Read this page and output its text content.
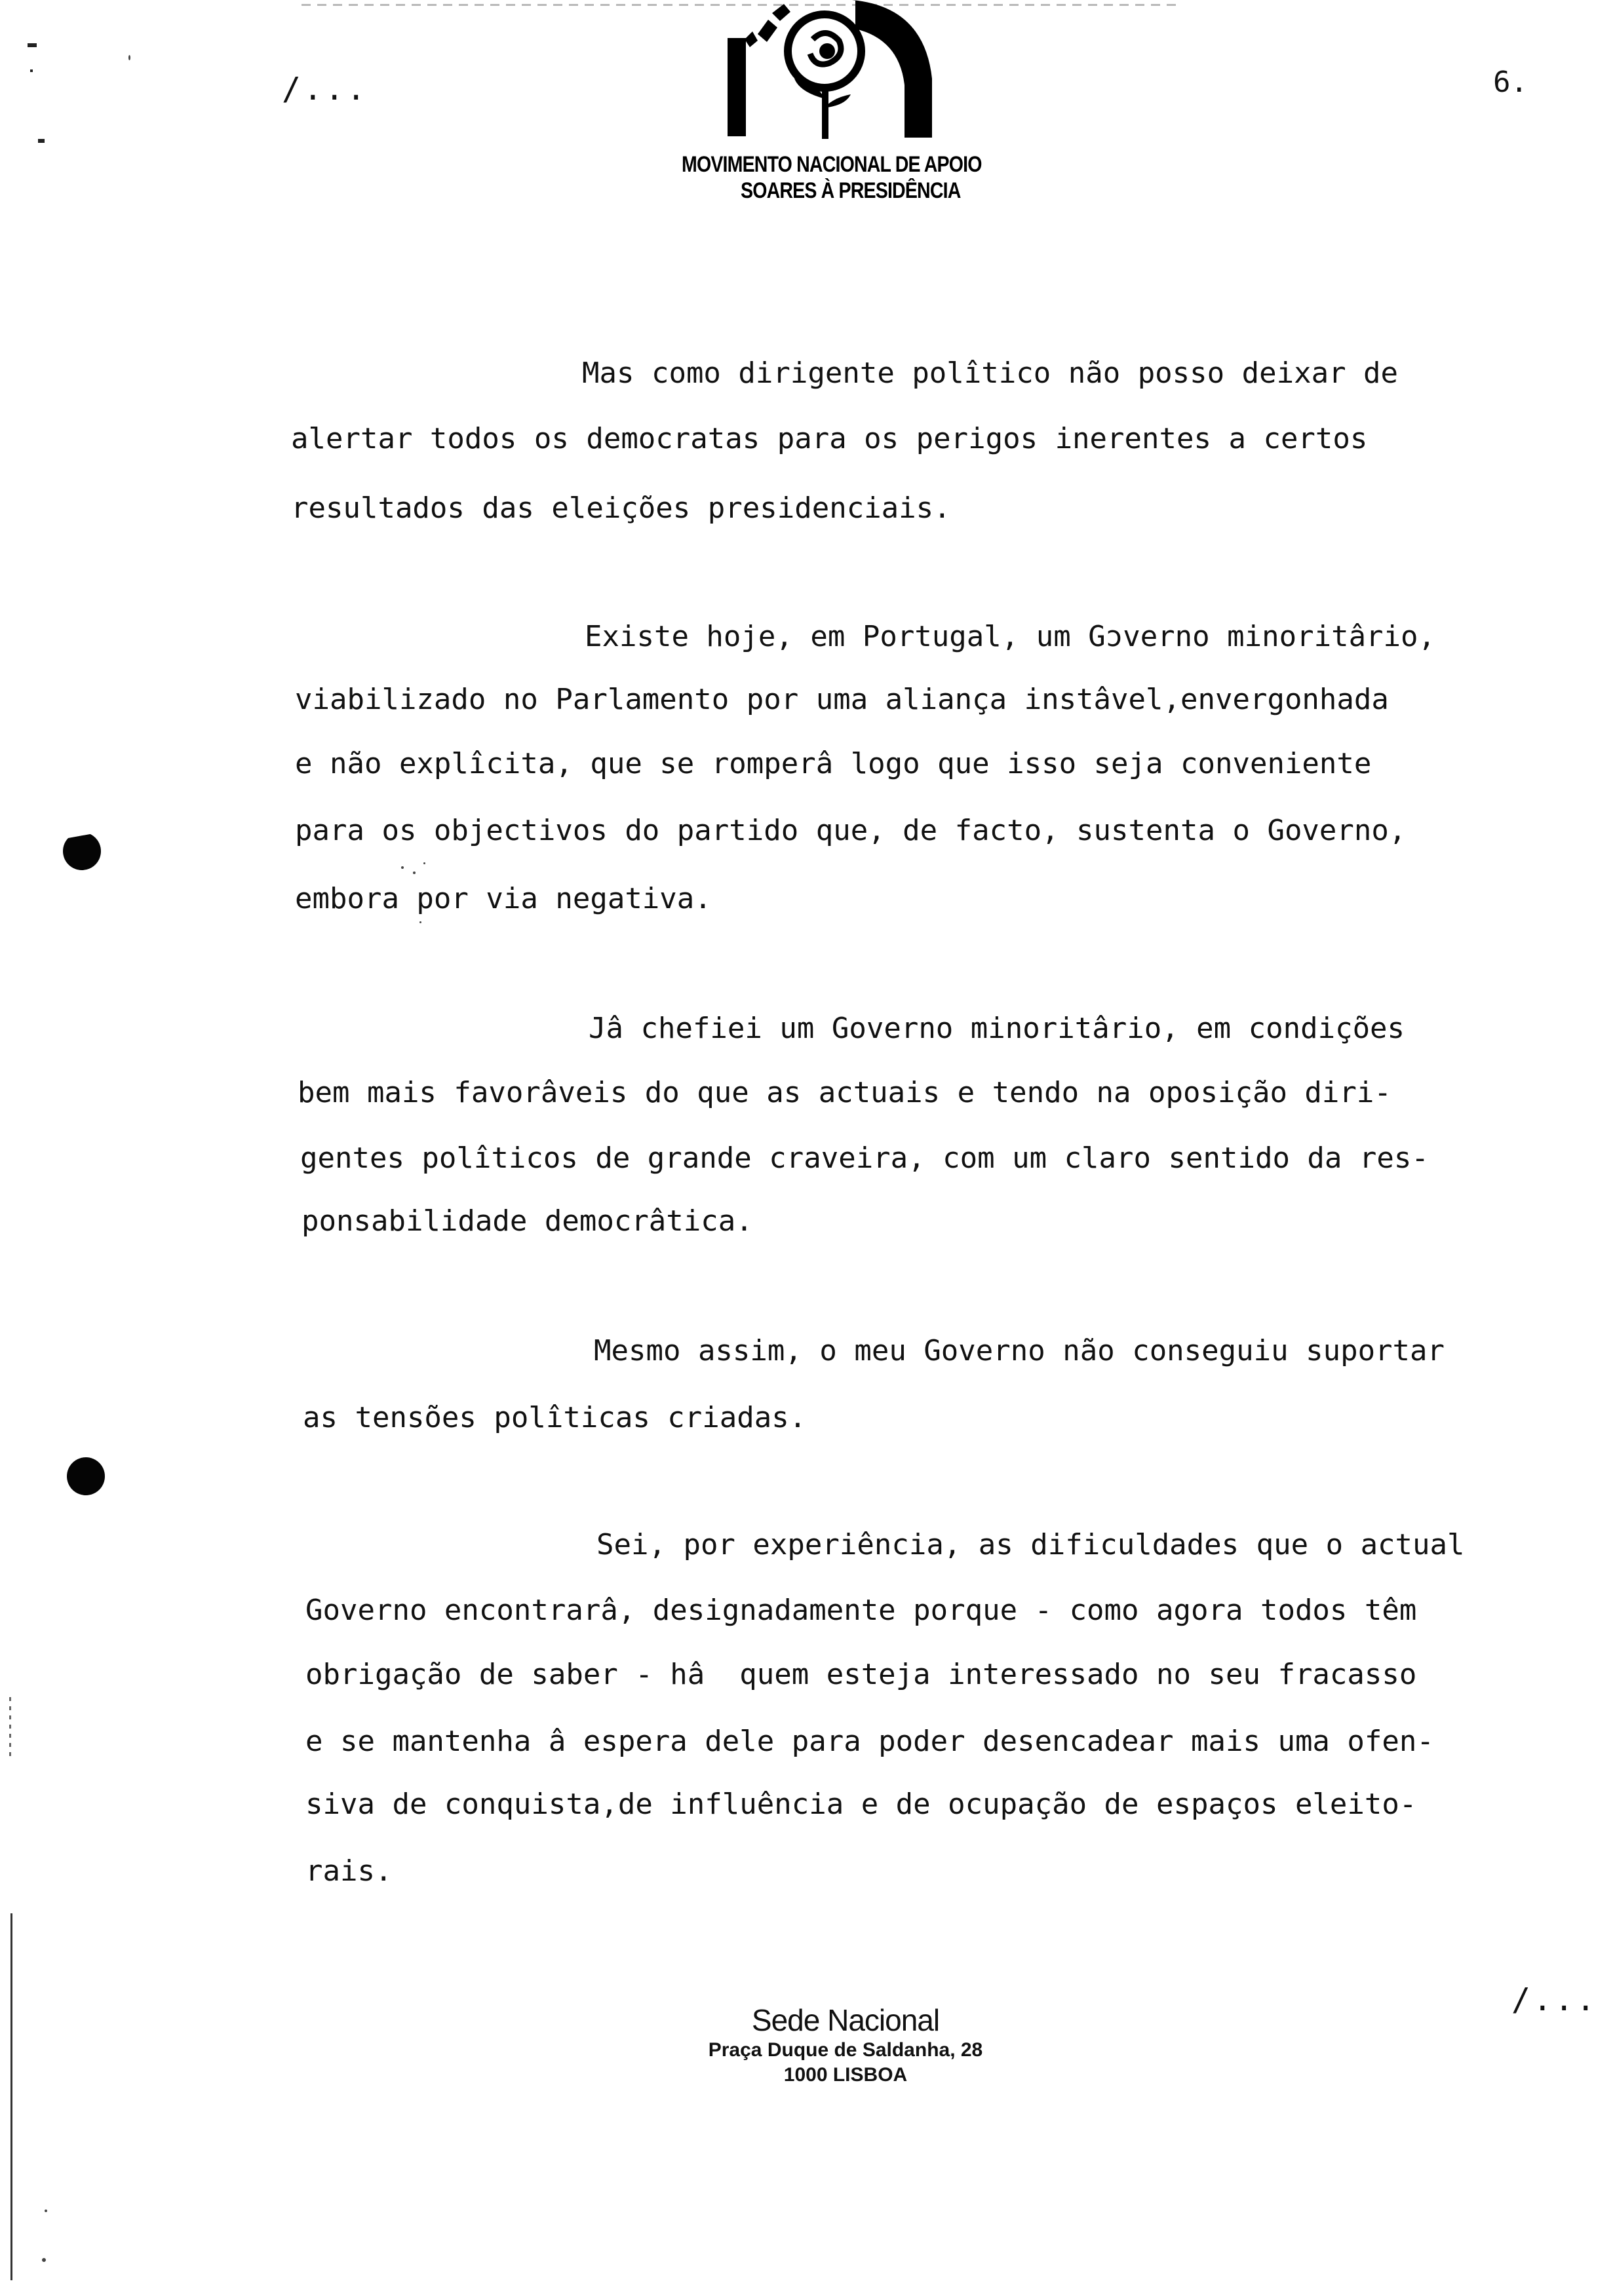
/...	6.
MOVIMENTO NACIONAL DE APOIO
SOARES À PRESIDÊNCIA
Mas como dirigente polîtico não posso deixar de
alertar todos os democratas para os perigos inerentes a certos
resultados das eleições presidenciais.
Existe hoje, em Portugal, um Gɔverno minoritârio,
viabilizado no Parlamento por uma aliança instâvel,envergonhada
e não explîcita, que se romperâ logo que isso seja conveniente
para os objectivos do partido que, de facto, sustenta o Governo,
embora por via negativa.
Jâ chefiei um Governo minoritârio, em condições
bem mais favorâveis do que as actuais e tendo na oposição diri-
gentes polîticos de grande craveira, com um claro sentido da res-
ponsabilidade democrâtica.
Mesmo assim, o meu Governo não conseguiu suportar
as tensões polîticas criadas.
Sei, por experiência, as dificuldades que o actual
Governo encontrarâ, designadamente porque - como agora todos têm
obrigação de saber - hâ  quem esteja interessado no seu fracasso
e se mantenha â espera dele para poder desencadear mais uma ofen-
siva de conquista,de influência e de ocupação de espaços eleito-
rais.
Sede Nacional
Praça Duque de Saldanha, 28
1000 LISBOA
/...
